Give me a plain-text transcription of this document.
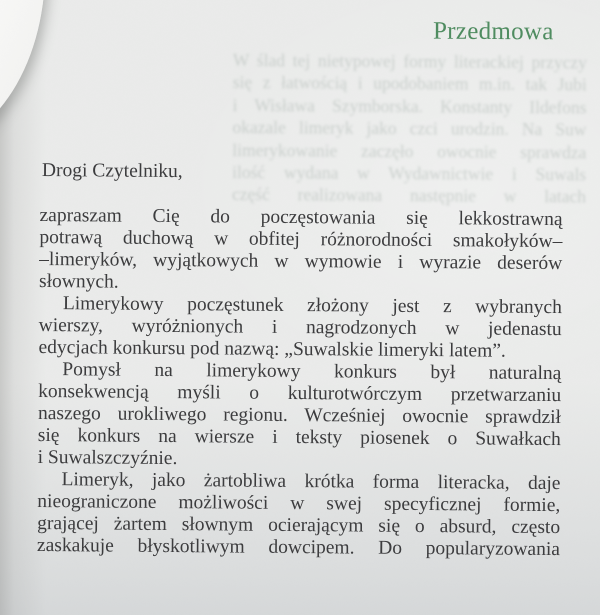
Przedmowa
W ślad tej nietypowej formy literackiej przyczy
się z łatwością i upodobaniem m.in. tak Jubi
i Wisława Szymborska. Konstanty Ildefons
okazale limeryk jako czci urodzin. Na Suw
limerykowanie zaczęło owocnie sprawdza
ilość wydana w Wydawnictwie i Suwals
część realizowana następnie w latach

Drogi Czytelniku,

zapraszam Cię do poczęstowania się lekkostrawną
potrawą duchową w obfitej różnorodności smakołyków–
–limeryków, wyjątkowych w wymowie i wyrazie deserów
słownych.
Limerykowy poczęstunek złożony jest z wybranych
wierszy, wyróżnionych i nagrodzonych w jedenastu
edycjach konkursu pod nazwą: „Suwalskie limeryki latem”.
Pomysł na limerykowy konkurs był naturalną
konsekwencją myśli o kulturotwórczym przetwarzaniu
naszego urokliwego regionu. Wcześniej owocnie sprawdził
się konkurs na wiersze i teksty piosenek o Suwałkach
i Suwalszczyźnie.
Limeryk, jako żartobliwa krótka forma literacka, daje
nieograniczone możliwości w swej specyficznej formie,
grającej żartem słownym ocierającym się o absurd, często
zaskakuje błyskotliwym dowcipem. Do popularyzowania
